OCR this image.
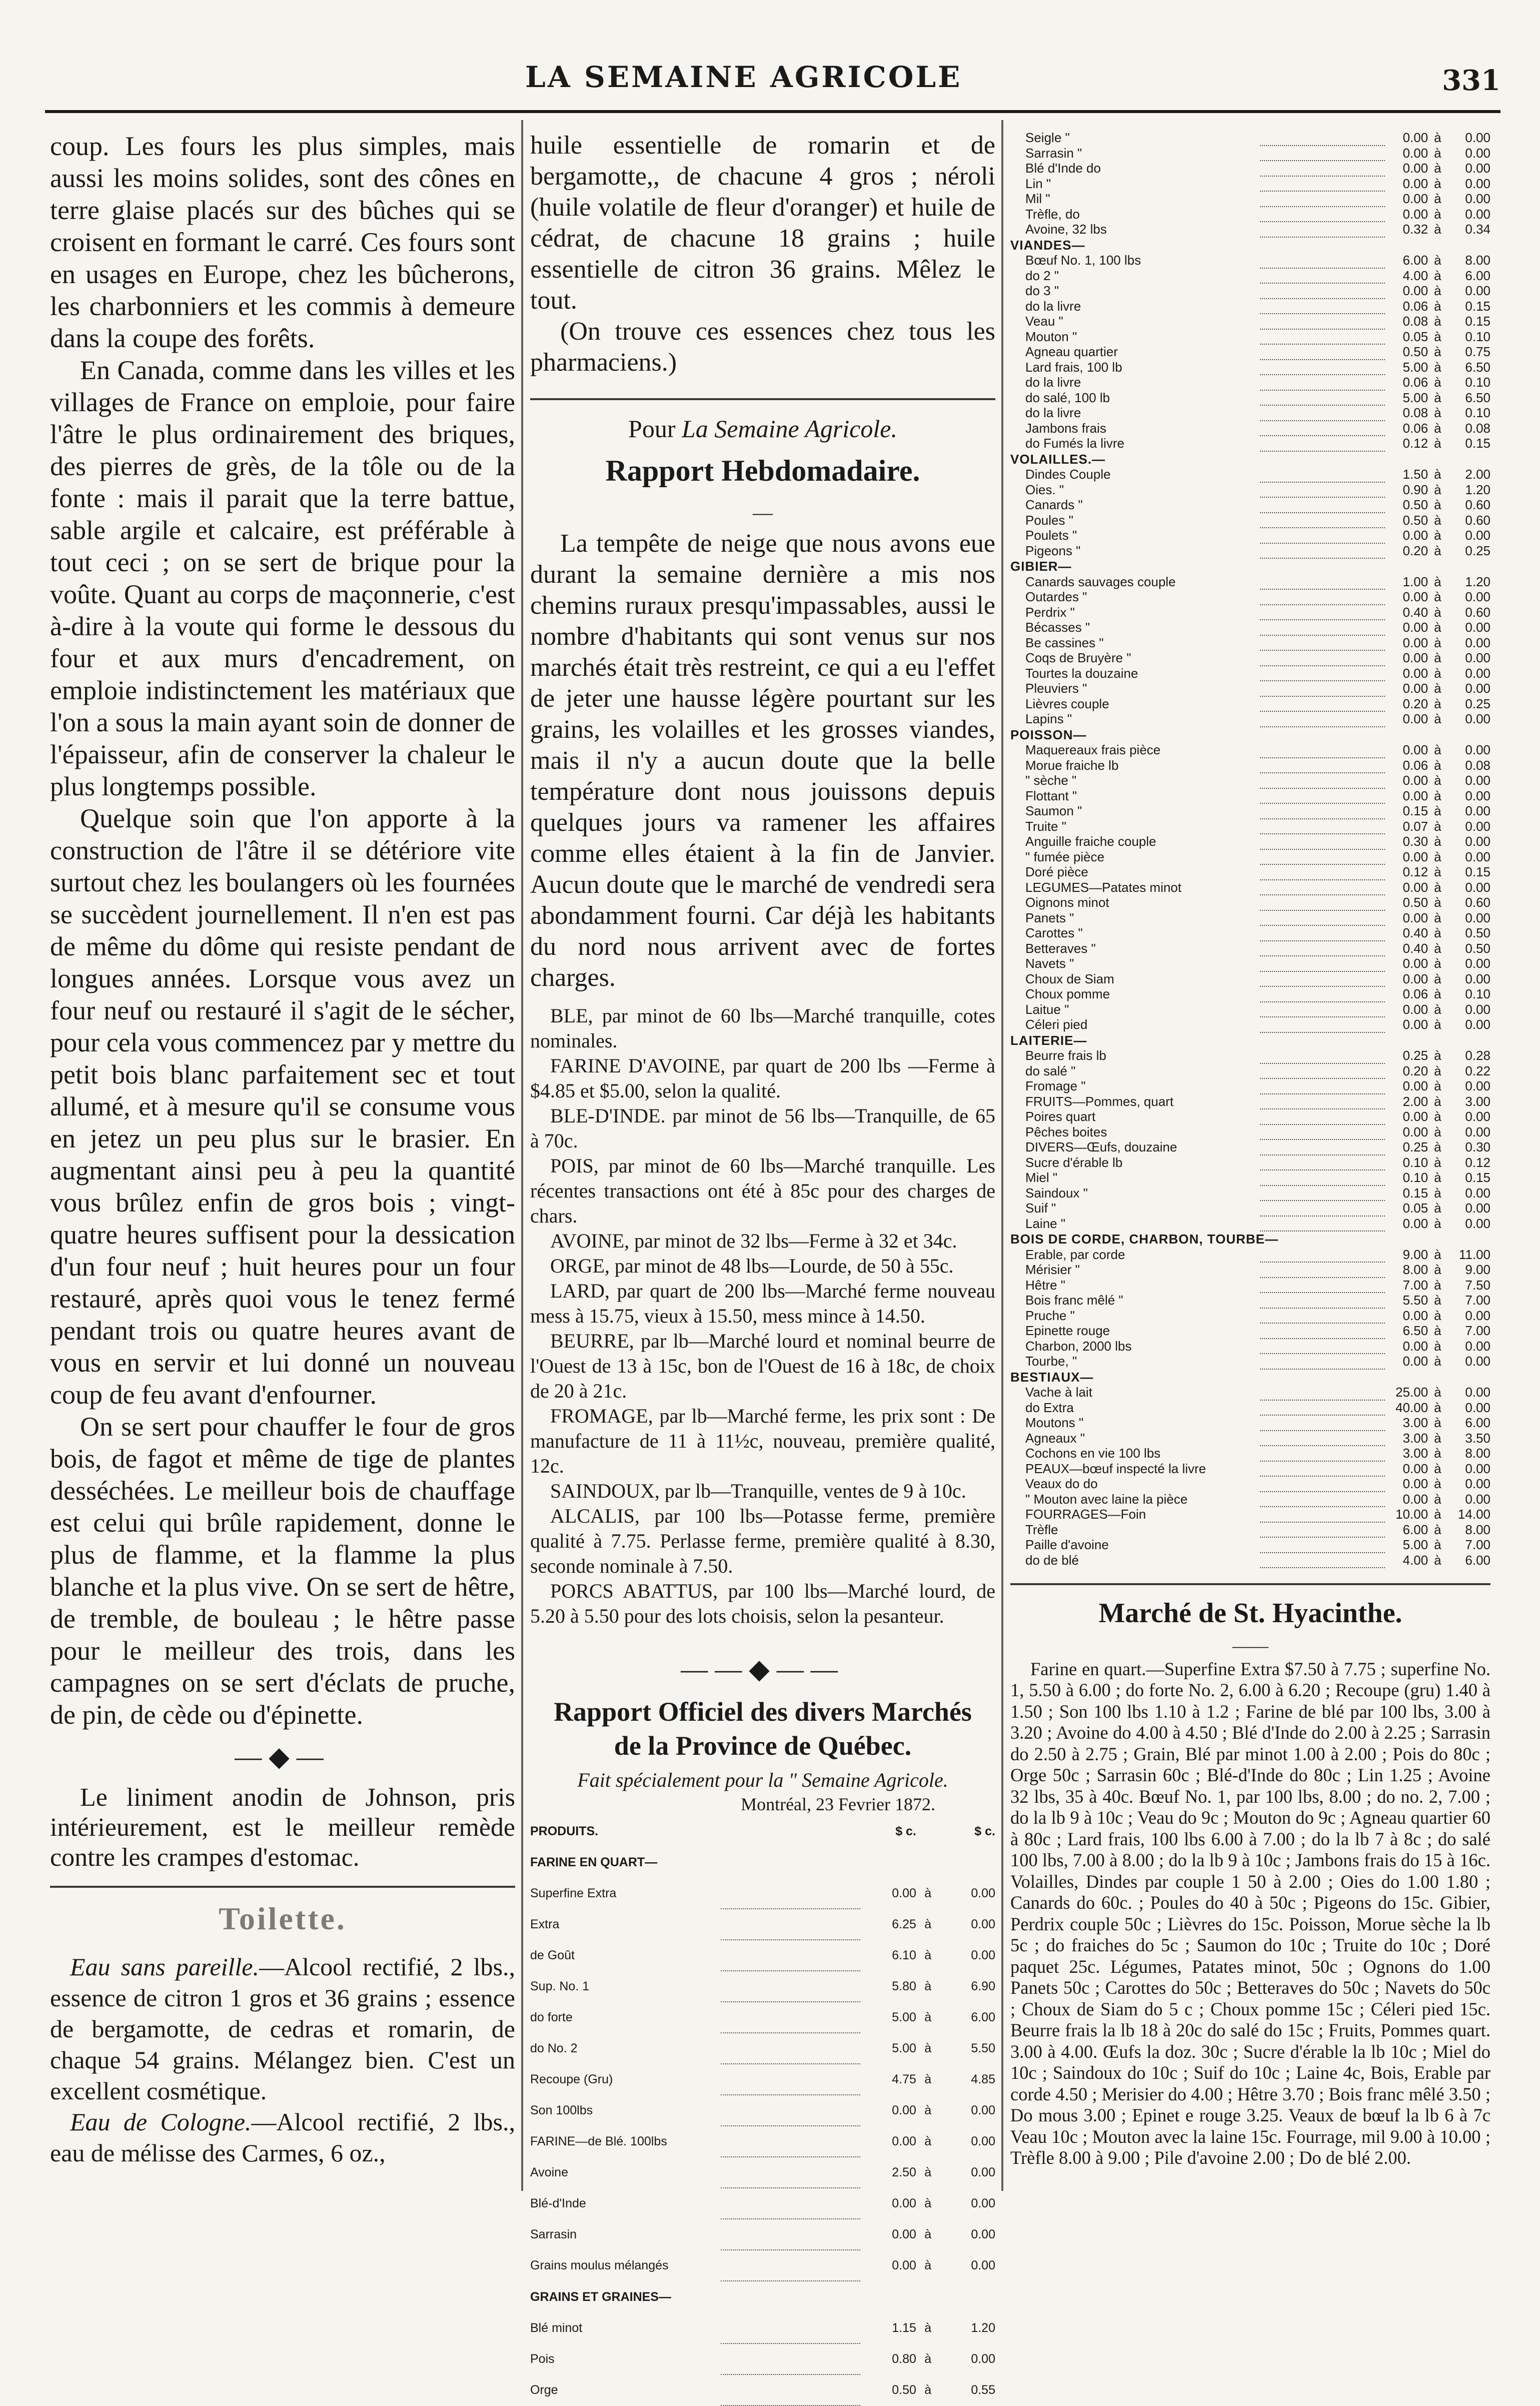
LA SEMAINE AGRICOLE	331

coup. Les fours les plus simples, mais aussi les moins solides, sont des cônes en terre glaise placés sur des bûches qui se croisent en formant le carré. Ces fours sont en usages en Europe, chez les bûcherons, les charbonniers et les commis à demeure dans la coupe des forêts.

En Canada, comme dans les villes et les villages de France on emploie, pour faire l'âtre le plus ordinairement des briques, des pierres de grès, de la tôle ou de la fonte : mais il parait que la terre battue, sable argile et calcaire, est préférable à tout ceci ; on se sert de brique pour la voûte. Quant au corps de maçonnerie, c'est à-dire à la voute qui forme le dessous du four et aux murs d'encadrement, on emploie indistinctement les matériaux que l'on a sous la main ayant soin de donner de l'épaisseur, afin de conserver la chaleur le plus longtemps possible.

Quelque soin que l'on apporte à la construction de l'âtre il se détériore vite surtout chez les boulangers où les fournées se succèdent journellement. Il n'en est pas de même du dôme qui resiste pendant de longues années. Lorsque vous avez un four neuf ou restauré il s'agit de le sécher, pour cela vous commencez par y mettre du petit bois blanc parfaitement sec et tout allumé, et à mesure qu'il se consume vous en jetez un peu plus sur le brasier. En augmentant ainsi peu à peu la quantité vous brûlez enfin de gros bois ; vingt-quatre heures suffisent pour la dessication d'un four neuf ; huit heures pour un four restauré, après quoi vous le tenez fermé pendant trois ou quatre heures avant de vous en servir et lui donné un nouveau coup de feu avant d'enfourner.

On se sert pour chauffer le four de gros bois, de fagot et même de tige de plantes desséchées. Le meilleur bois de chauffage est celui qui brûle rapidement, donne le plus de flamme, et la flamme la plus blanche et la plus vive. On se sert de hêtre, de tremble, de bouleau ; le hêtre passe pour le meilleur des trois, dans les campagnes on se sert d'éclats de pruche, de pin, de cède ou d'épinette.

—◆—

Le liniment anodin de Johnson, pris intérieurement, est le meilleur remède contre les crampes d'estomac.

Toilette.

Eau sans pareille.—Alcool rectifié, 2 lbs., essence de citron 1 gros et 36 grains ; essence de bergamotte, de cedras et romarin, de chaque 54 grains. Mélangez bien. C'est un excellent cosmétique.

Eau de Cologne.—Alcool rectifié, 2 lbs., eau de mélisse des Carmes, 6 oz.,

huile essentielle de romarin et de bergamotte,, de chacune 4 gros ; néroli (huile volatile de fleur d'oranger) et huile de cédrat, de chacune 18 grains ; huile essentielle de citron 36 grains. Mêlez le tout.

(On trouve ces essences chez tous les pharmaciens.)

Pour La Semaine Agricole.

Rapport Hebdomadaire.
—

La tempête de neige que nous avons eue durant la semaine dernière a mis nos chemins ruraux presqu'impassables, aussi le nombre d'habitants qui sont venus sur nos marchés était très restreint, ce qui a eu l'effet de jeter une hausse légère pourtant sur les grains, les volailles et les grosses viandes, mais il n'y a aucun doute que la belle température dont nous jouissons depuis quelques jours va ramener les affaires comme elles étaient à la fin de Janvier. Aucun doute que le marché de vendredi sera abondamment fourni. Car déjà les habitants du nord nous arrivent avec de fortes charges.

BLE, par minot de 60 lbs—Marché tranquille, cotes nominales.

FARINE D'AVOINE, par quart de 200 lbs —Ferme à $4.85 et $5.00, selon la qualité.

BLE-D'INDE. par minot de 56 lbs—Tranquille, de 65 à 70c.

POIS, par minot de 60 lbs—Marché tranquille. Les récentes transactions ont été à 85c pour des charges de chars.

AVOINE, par minot de 32 lbs—Ferme à 32 et 34c.

ORGE, par minot de 48 lbs—Lourde, de 50 à 55c.

LARD, par quart de 200 lbs—Marché ferme nouveau mess à 15.75, vieux à 15.50, mess mince à 14.50.

BEURRE, par lb—Marché lourd et nominal beurre de l'Ouest de 13 à 15c, bon de l'Ouest de 16 à 18c, de choix de 20 à 21c.

FROMAGE, par lb—Marché ferme, les prix sont : De manufacture de 11 à 11½c, nouveau, première qualité, 12c.

SAINDOUX, par lb—Tranquille, ventes de 9 à 10c.

ALCALIS, par 100 lbs—Potasse ferme, première qualité à 7.75. Perlasse ferme, première qualité à 8.30, seconde nominale à 7.50.

PORCS ABATTUS, par 100 lbs—Marché lourd, de 5.20 à 5.50 pour des lots choisis, selon la pesanteur.

——◆——
Rapport Officiel des divers Marchés
de la Province de Québec.

Fait spécialement pour la " Semaine Agricole.

Montréal, 23 Fevrier 1872.

PRODUITS.		$ c.		$ c.
FARINE EN QUART—				
Superfine Extra		0.00	à	0.00
Extra		6.25	à	0.00
de Goût		6.10	à	0.00
Sup. No. 1		5.80	à	6.90
do forte		5.00	à	6.00
do No. 2		5.00	à	5.50
Recoupe (Gru)		4.75	à	4.85
Son 100lbs		0.00	à	0.00
FARINE—de Blé. 100lbs		0.00	à	0.00
Avoine		2.50	à	0.00
Blé-d'Inde		0.00	à	0.00
Sarrasin		0.00	à	0.00
Grains moulus mélangés		0.00	à	0.00
GRAINS ET GRAINES—				
Blé minot		1.15	à	1.20
Pois		0.80	à	0.00
Orge		0.50	à	0.55
Seigle "		0.00	à	0.00
Sarrasin "		0.00	à	0.00
Blé d'Inde do		0.00	à	0.00
Lin "		0.00	à	0.00
Mil "		0.00	à	0.00
Trèfle, do		0.00	à	0.00
Avoine, 32 lbs		0.32	à	0.34
VIANDES—				
Bœuf No. 1, 100 lbs		6.00	à	8.00
do 2 "		4.00	à	6.00
do 3 "		0.00	à	0.00
do la livre		0.06	à	0.15
Veau "		0.08	à	0.15
Mouton "		0.05	à	0.10
Agneau quartier		0.50	à	0.75
Lard frais, 100 lb		5.00	à	6.50
do la livre		0.06	à	0.10
do salé, 100 lb		5.00	à	6.50
do la livre		0.08	à	0.10
Jambons frais		0.06	à	0.08
do Fumés la livre		0.12	à	0.15
VOLAILLES.—				
Dindes Couple		1.50	à	2.00
Oies. "		0.90	à	1.20
Canards "		0.50	à	0.60
Poules "		0.50	à	0.60
Poulets "		0.00	à	0.00
Pigeons "		0.20	à	0.25
GIBIER—				
Canards sauvages couple		1.00	à	1.20
Outardes "		0.00	à	0.00
Perdrix "		0.40	à	0.60
Bécasses "		0.00	à	0.00
Be cassines "		0.00	à	0.00
Coqs de Bruyère "		0.00	à	0.00
Tourtes la douzaine		0.00	à	0.00
Pleuviers "		0.00	à	0.00
Lièvres couple		0.20	à	0.25
Lapins "		0.00	à	0.00
POISSON—				
Maquereaux frais pièce		0.00	à	0.00
Morue fraiche lb		0.06	à	0.08
" sèche "		0.00	à	0.00
Flottant "		0.00	à	0.00
Saumon "		0.15	à	0.00
Truite "		0.07	à	0.00
Anguille fraiche couple		0.30	à	0.00
" fumée pièce		0.00	à	0.00
Doré pièce		0.12	à	0.15
LEGUMES—Patates minot		0.00	à	0.00
Oignons minot		0.50	à	0.60
Panets "		0.00	à	0.00
Carottes "		0.40	à	0.50
Betteraves "		0.40	à	0.50
Navets "		0.00	à	0.00
Choux de Siam		0.00	à	0.00
Choux pomme		0.06	à	0.10
Laitue "		0.00	à	0.00
Céleri pied		0.00	à	0.00
LAITERIE—				
Beurre frais lb		0.25	à	0.28
do salé "		0.20	à	0.22
Fromage "		0.00	à	0.00
FRUITS—Pommes, quart		2.00	à	3.00
Poires quart		0.00	à	0.00
Pêches boites		0.00	à	0.00
DIVERS—Œufs, douzaine		0.25	à	0.30
Sucre d'érable lb		0.10	à	0.12
Miel "		0.10	à	0.15
Saindoux "		0.15	à	0.00
Suif "		0.05	à	0.00
Laine "		0.00	à	0.00
BOIS DE CORDE, CHARBON, TOURBE—				
Erable, par corde		9.00	à	11.00
Mérisier "		8.00	à	9.00
Hêtre "		7.00	à	7.50
Bois franc mêlé "		5.50	à	7.00
Pruche "		0.00	à	0.00
Epinette rouge		6.50	à	7.00
Charbon, 2000 lbs		0.00	à	0.00
Tourbe, "		0.00	à	0.00
BESTIAUX—				
Vache à lait		25.00	à	0.00
do Extra		40.00	à	0.00
Moutons "		3.00	à	6.00
Agneaux "		3.00	à	3.50
Cochons en vie 100 lbs		3.00	à	8.00
PEAUX—bœuf inspecté la livre		0.00	à	0.00
Veaux do do		0.00	à	0.00
" Mouton avec laine la pièce		0.00	à	0.00
FOURRAGES—Foin		10.00	à	14.00
Trèfle		6.00	à	8.00
Paille d'avoine		5.00	à	7.00
do de blé		4.00	à	6.00
Marché de St. Hyacinthe.
——

Farine en quart.—Superfine Extra $7.50 à 7.75 ; superfine No. 1, 5.50 à 6.00 ; do forte No. 2, 6.00 à 6.20 ; Recoupe (gru) 1.40 à 1.50 ; Son 100 lbs 1.10 à 1.2 ; Farine de blé par 100 lbs, 3.00 à 3.20 ; Avoine do 4.00 à 4.50 ; Blé d'Inde do 2.00 à 2.25 ; Sarrasin do 2.50 à 2.75 ; Grain, Blé par minot 1.00 à 2.00 ; Pois do 80c ; Orge 50c ; Sarrasin 60c ; Blé-d'Inde do 80c ; Lin 1.25 ; Avoine 32 lbs, 35 à 40c. Bœuf No. 1, par 100 lbs, 8.00 ; do no. 2, 7.00 ; do la lb 9 à 10c ; Veau do 9c ; Mouton do 9c ; Agneau quartier 60 à 80c ; Lard frais, 100 lbs 6.00 à 7.00 ; do la lb 7 à 8c ; do salé 100 lbs, 7.00 à 8.00 ; do la lb 9 à 10c ; Jambons frais do 15 à 16c. Volailles, Dindes par couple 1 50 à 2.00 ; Oies do 1.00 1.80 ; Canards do 60c. ; Poules do 40 à 50c ; Pigeons do 15c. Gibier, Perdrix couple 50c ; Lièvres do 15c. Poisson, Morue sèche la lb 5c ; do fraiches do 5c ; Saumon do 10c ; Truite do 10c ; Doré paquet 25c. Légumes, Patates minot, 50c ; Ognons do 1.00 Panets 50c ; Carottes do 50c ; Betteraves do 50c ; Navets do 50c ; Choux de Siam do 5 c ; Choux pomme 15c ; Céleri pied 15c. Beurre frais la lb 18 à 20c do salé do 15c ; Fruits, Pommes quart. 3.00 à 4.00. Œufs la doz. 30c ; Sucre d'érable la lb 10c ; Miel do 10c ; Saindoux do 10c ; Suif do 10c ; Laine 4c, Bois, Erable par corde 4.50 ; Merisier do 4.00 ; Hêtre 3.70 ; Bois franc mêlé 3.50 ; Do mous 3.00 ; Epinet e rouge 3.25. Veaux de bœuf la lb 6 à 7c Veau 10c ; Mouton avec la laine 15c. Fourrage, mil 9.00 à 10.00 ; Trèfle 8.00 à 9.00 ; Pile d'avoine 2.00 ; Do de blé 2.00.
